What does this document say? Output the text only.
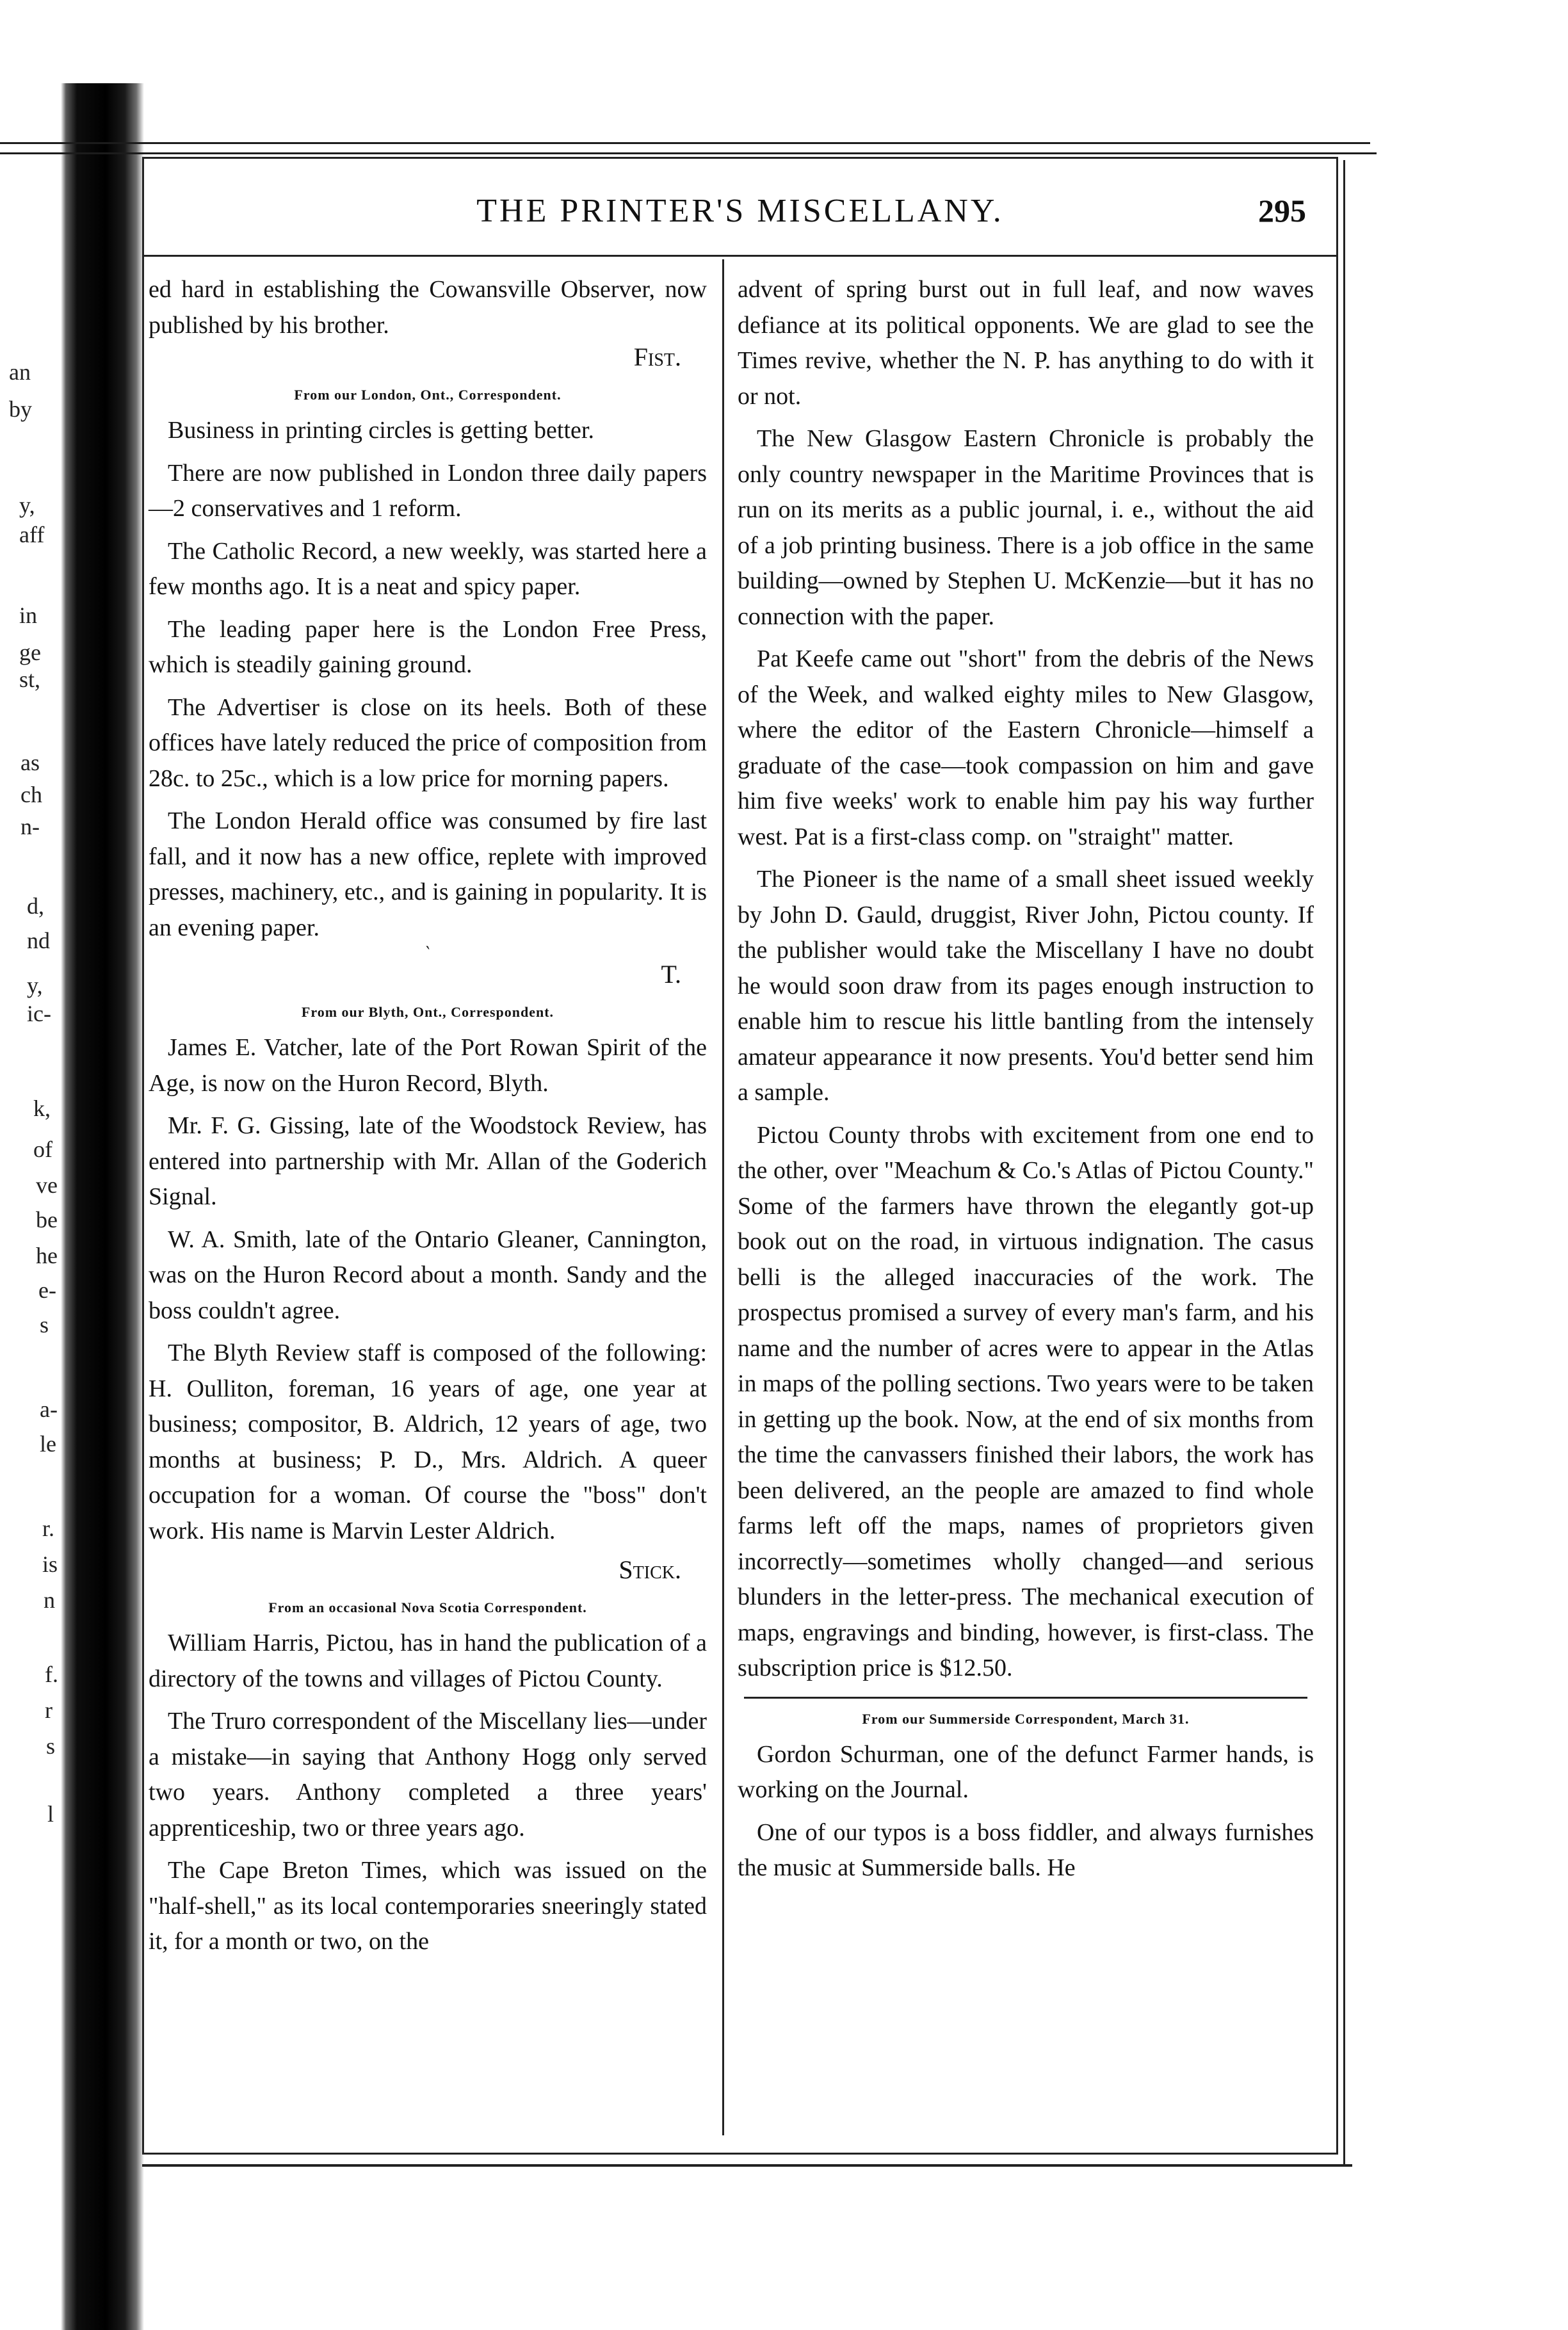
an
by
y,
aff
in
ge
st,
as
ch
n-
d,
nd
y,
ic-
k,
of
ve
be
he
e-
s
a-
le
r.
is
n
f.
r
s
l
THE PRINTER'S MISCELLANY.	295

ed hard in establishing the Cowansville Observer, now published by his brother.

Fist.
From our London, Ont., Correspondent.

Business in printing circles is getting better.

There are now published in London three daily papers—2 conservatives and 1 reform.

The Catholic Record, a new weekly, was started here a few months ago. It is a neat and spicy paper.

The leading paper here is the London Free Press, which is steadily gaining ground.

The Advertiser is close on its heels. Both of these offices have lately reduced the price of composition from 28c. to 25c., which is a low price for morning papers.

The London Herald office was consumed by fire last fall, and it now has a new office, replete with improved presses, machinery, etc., and is gaining in popularity. It is an evening paper.

‵
T.
From our Blyth, Ont., Correspondent.

James E. Vatcher, late of the Port Rowan Spirit of the Age, is now on the Huron Record, Blyth.

Mr. F. G. Gissing, late of the Woodstock Review, has entered into partnership with Mr. Allan of the Goderich Signal.

W. A. Smith, late of the Ontario Gleaner, Cannington, was on the Huron Record about a month. Sandy and the boss couldn't agree.

The Blyth Review staff is composed of the following: H. Oulliton, foreman, 16 years of age, one year at business; compositor, B. Aldrich, 12 years of age, two months at business; P. D., Mrs. Aldrich. A queer occupation for a woman. Of course the "boss" don't work. His name is Marvin Lester Aldrich.

Stick.
From an occasional Nova Scotia Correspondent.

William Harris, Pictou, has in hand the publication of a directory of the towns and villages of Pictou County.

The Truro correspondent of the Miscellany lies—under a mistake—in saying that Anthony Hogg only served two years. Anthony completed a three years' apprenticeship, two or three years ago.

The Cape Breton Times, which was issued on the "half-shell," as its local contemporaries sneeringly stated it, for a month or two, on the

advent of spring burst out in full leaf, and now waves defiance at its political opponents. We are glad to see the Times revive, whether the N. P. has anything to do with it or not.

The New Glasgow Eastern Chronicle is probably the only country newspaper in the Maritime Provinces that is run on its merits as a public journal, i. e., without the aid of a job printing business. There is a job office in the same building—owned by Stephen U. McKenzie—but it has no connection with the paper.

Pat Keefe came out "short" from the debris of the News of the Week, and walked eighty miles to New Glasgow, where the editor of the Eastern Chronicle—himself a graduate of the case—took compassion on him and gave him five weeks' work to enable him pay his way further west. Pat is a first-class comp. on "straight" matter.

The Pioneer is the name of a small sheet issued weekly by John D. Gauld, druggist, River John, Pictou county. If the publisher would take the Miscellany I have no doubt he would soon draw from its pages enough instruction to enable him to rescue his little bantling from the intensely amateur appearance it now presents. You'd better send him a sample.

Pictou County throbs with excitement from one end to the other, over "Meachum & Co.'s Atlas of Pictou County." Some of the farmers have thrown the elegantly got-up book out on the road, in virtuous indignation. The casus belli is the alleged inaccuracies of the work. The prospectus promised a survey of every man's farm, and his name and the number of acres were to appear in the Atlas in maps of the polling sections. Two years were to be taken in getting up the book. Now, at the end of six months from the time the canvassers finished their labors, the work has been delivered, an the people are amazed to find whole farms left off the maps, names of proprietors given incorrectly—sometimes wholly changed—and serious blunders in the letter-press. The mechanical execution of maps, engravings and binding, however, is first-class. The subscription price is $12.50.

From our Summerside Correspondent, March 31.

Gordon Schurman, one of the defunct Farmer hands, is working on the Journal.

One of our typos is a boss fiddler, and always furnishes the music at Summerside balls. He
